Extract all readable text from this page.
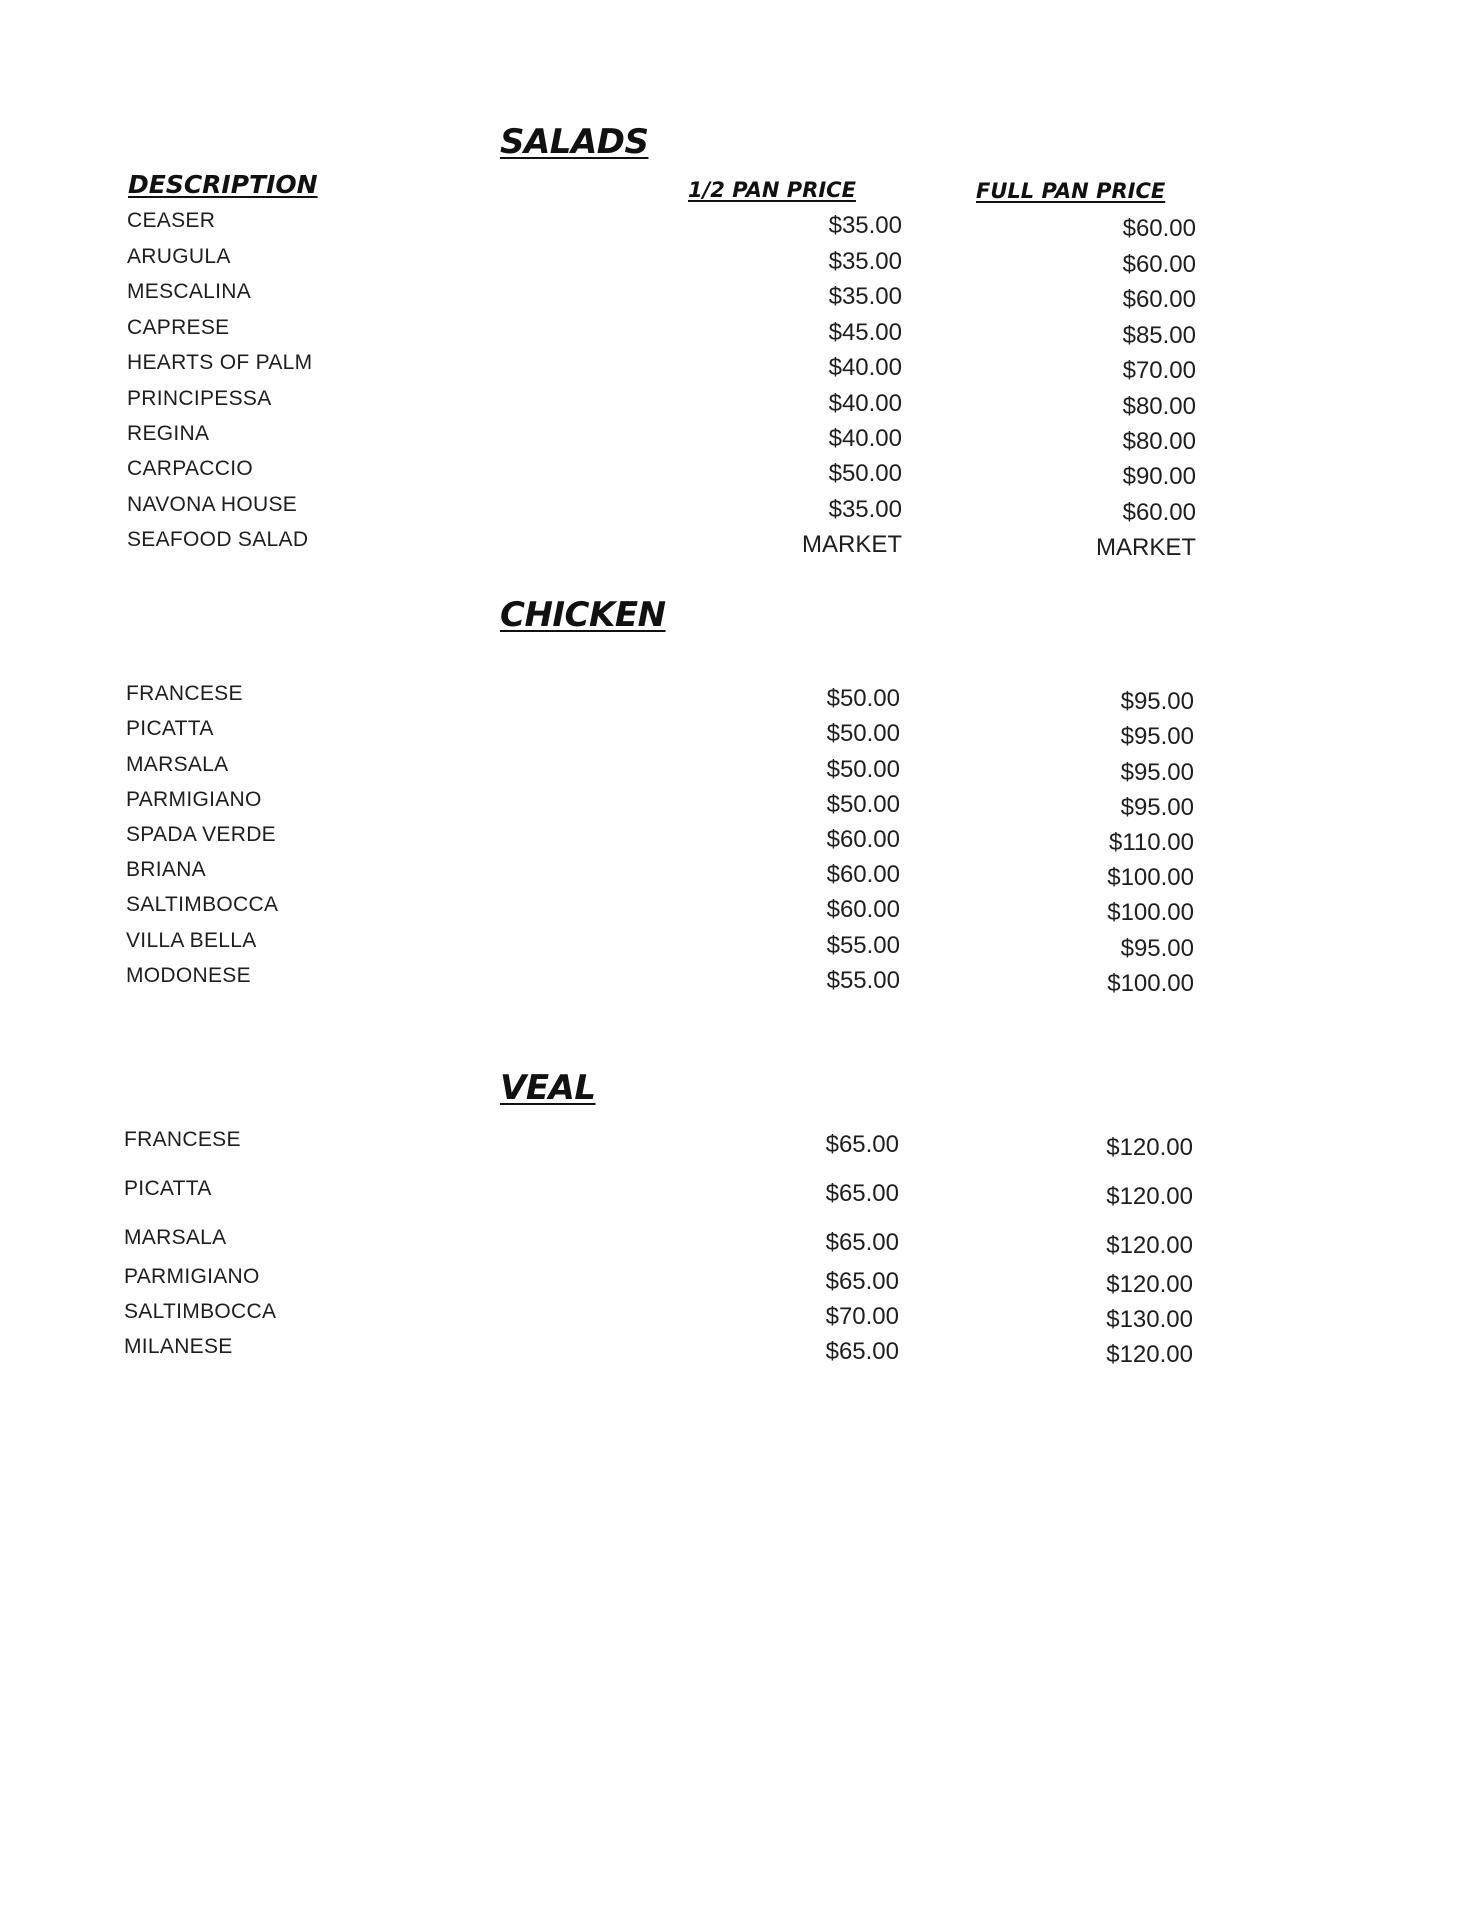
DESCRIPTION	1/2 PAN PRICE	FULL PAN PRICE
SALADS
CEASER	$35.00	$60.00
ARUGULA	$35.00	$60.00
MESCALINA	$35.00	$60.00
CAPRESE	$45.00	$85.00
HEARTS OF PALM	$40.00	$70.00
PRINCIPESSA	$40.00	$80.00
REGINA	$40.00	$80.00
CARPACCIO	$50.00	$90.00
NAVONA HOUSE	$35.00	$60.00
SEAFOOD SALAD	MARKET	MARKET
CHICKEN
FRANCESE	$50.00	$95.00
PICATTA	$50.00	$95.00
MARSALA	$50.00	$95.00
PARMIGIANO	$50.00	$95.00
SPADA VERDE	$60.00	$110.00
BRIANA	$60.00	$100.00
SALTIMBOCCA	$60.00	$100.00
VILLA BELLA	$55.00	$95.00
MODONESE	$55.00	$100.00
VEAL
FRANCESE	$65.00	$120.00
PICATTA	$65.00	$120.00
MARSALA	$65.00	$120.00
PARMIGIANO	$65.00	$120.00
SALTIMBOCCA	$70.00	$130.00
MILANESE	$65.00	$120.00
